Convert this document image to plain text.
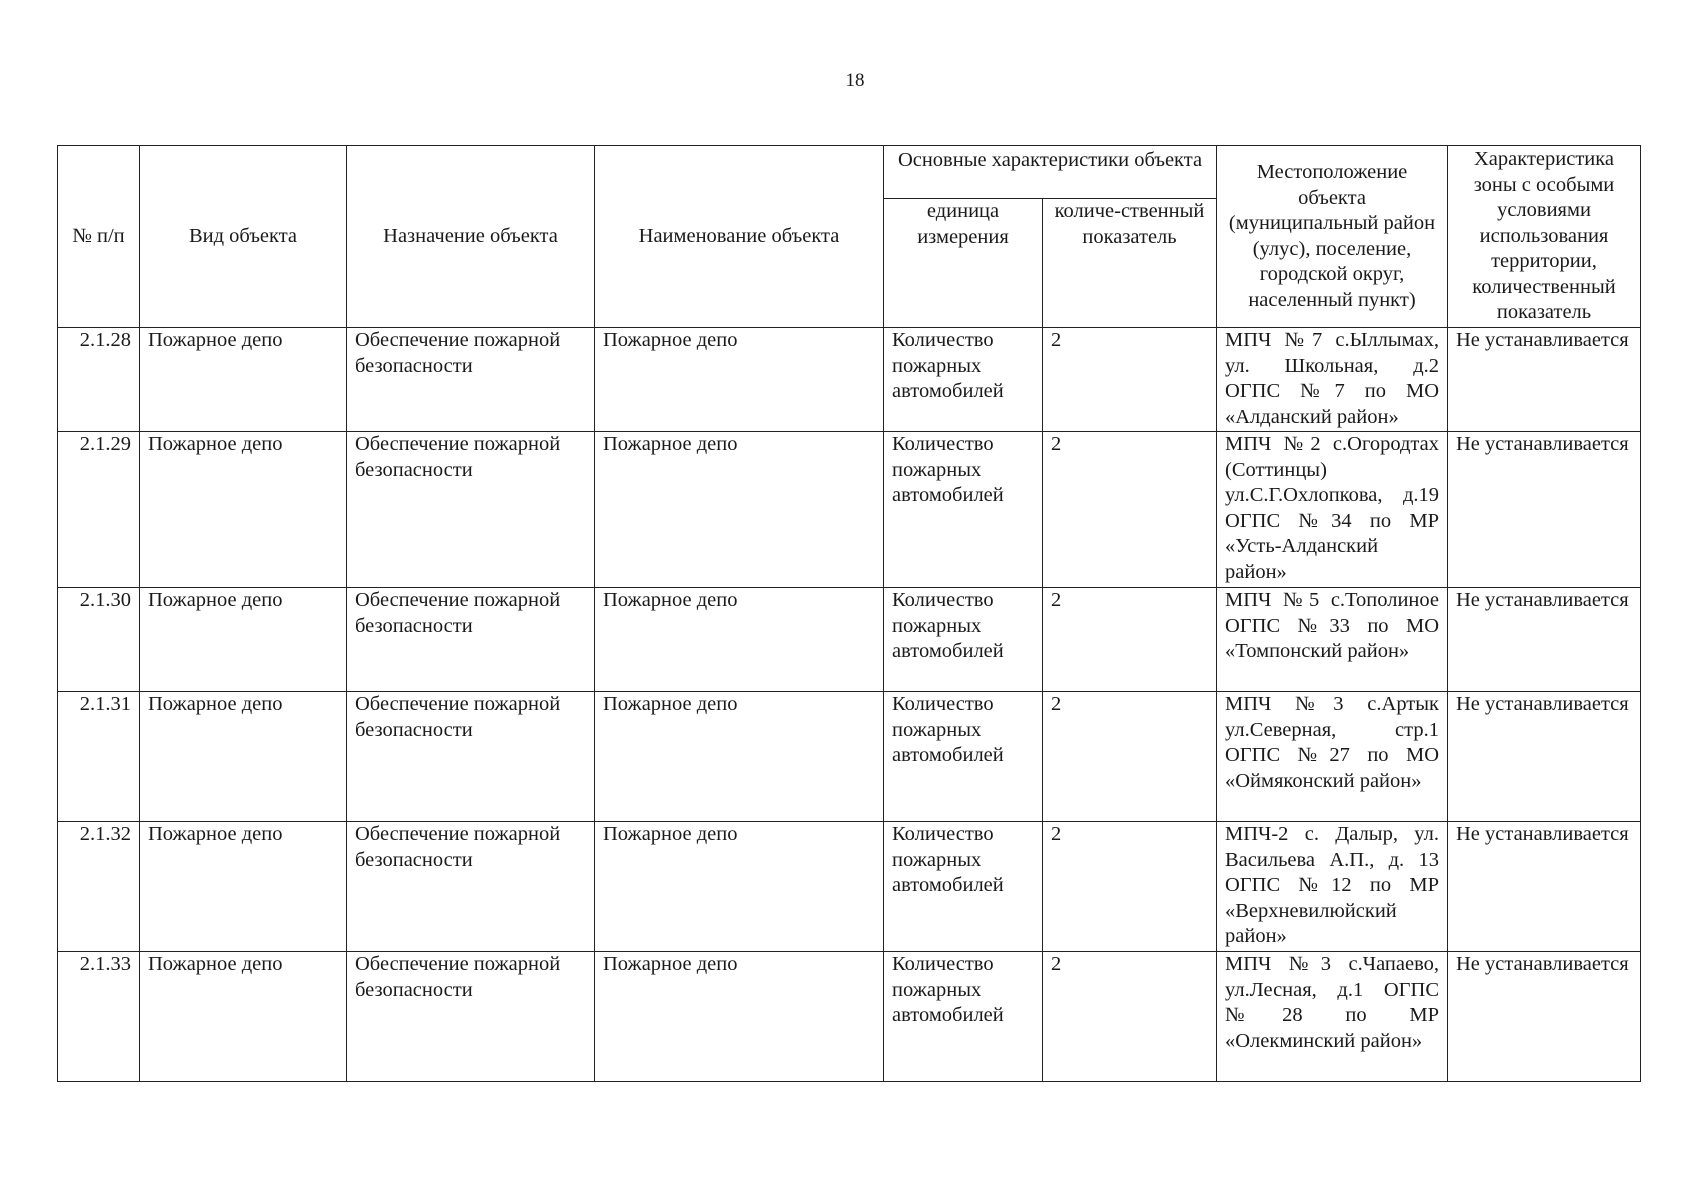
18
№ п/п	Вид объекта	Назначение объекта	Наименование объекта	Основные характеристики объекта		Местоположение объекта (муниципальный район (улус), поселение, городской округ, населенный пункт)	Характеристика зоны с особыми условиями использования территории, количественный показатель
				единица измерения	количе-ственный показатель		
2.1.28	Пожарное депо	Обеспечение пожарной безопасности	Пожарное депо	Количество пожарных автомобилей	2	МПЧ №7 с.Ыллымах, ул. Школьная, д.2 ОГПС №7 по МО «Алданский район»	Не устанавливается
2.1.29	Пожарное депо	Обеспечение пожарной безопасности	Пожарное депо	Количество пожарных автомобилей	2	МПЧ №2 с.Огородтах (Соттинцы) ул.С.Г.Охлопкова, д.19 ОГПС №34 по МР «Усть-Алданский район»	Не устанавливается
2.1.30	Пожарное депо	Обеспечение пожарной безопасности	Пожарное депо	Количество пожарных автомобилей	2	МПЧ №5 с.Тополиное ОГПС №33 по МО «Томпонский район»	Не устанавливается
2.1.31	Пожарное депо	Обеспечение пожарной безопасности	Пожарное депо	Количество пожарных автомобилей	2	МПЧ №3 с.Артык ул.Северная, стр.1 ОГПС №27 по МО «Оймяконский район»	Не устанавливается
2.1.32	Пожарное депо	Обеспечение пожарной безопасности	Пожарное депо	Количество пожарных автомобилей	2	МПЧ-2 с. Далыр, ул. Васильева А.П., д. 13 ОГПС №12 по МР «Верхневилюйский район»	Не устанавливается
2.1.33	Пожарное депо	Обеспечение пожарной безопасности	Пожарное депо	Количество пожарных автомобилей	2	МПЧ №3 с.Чапаево, ул.Лесная, д.1 ОГПС №28 по МР «Олекминский район»	Не устанавливается
